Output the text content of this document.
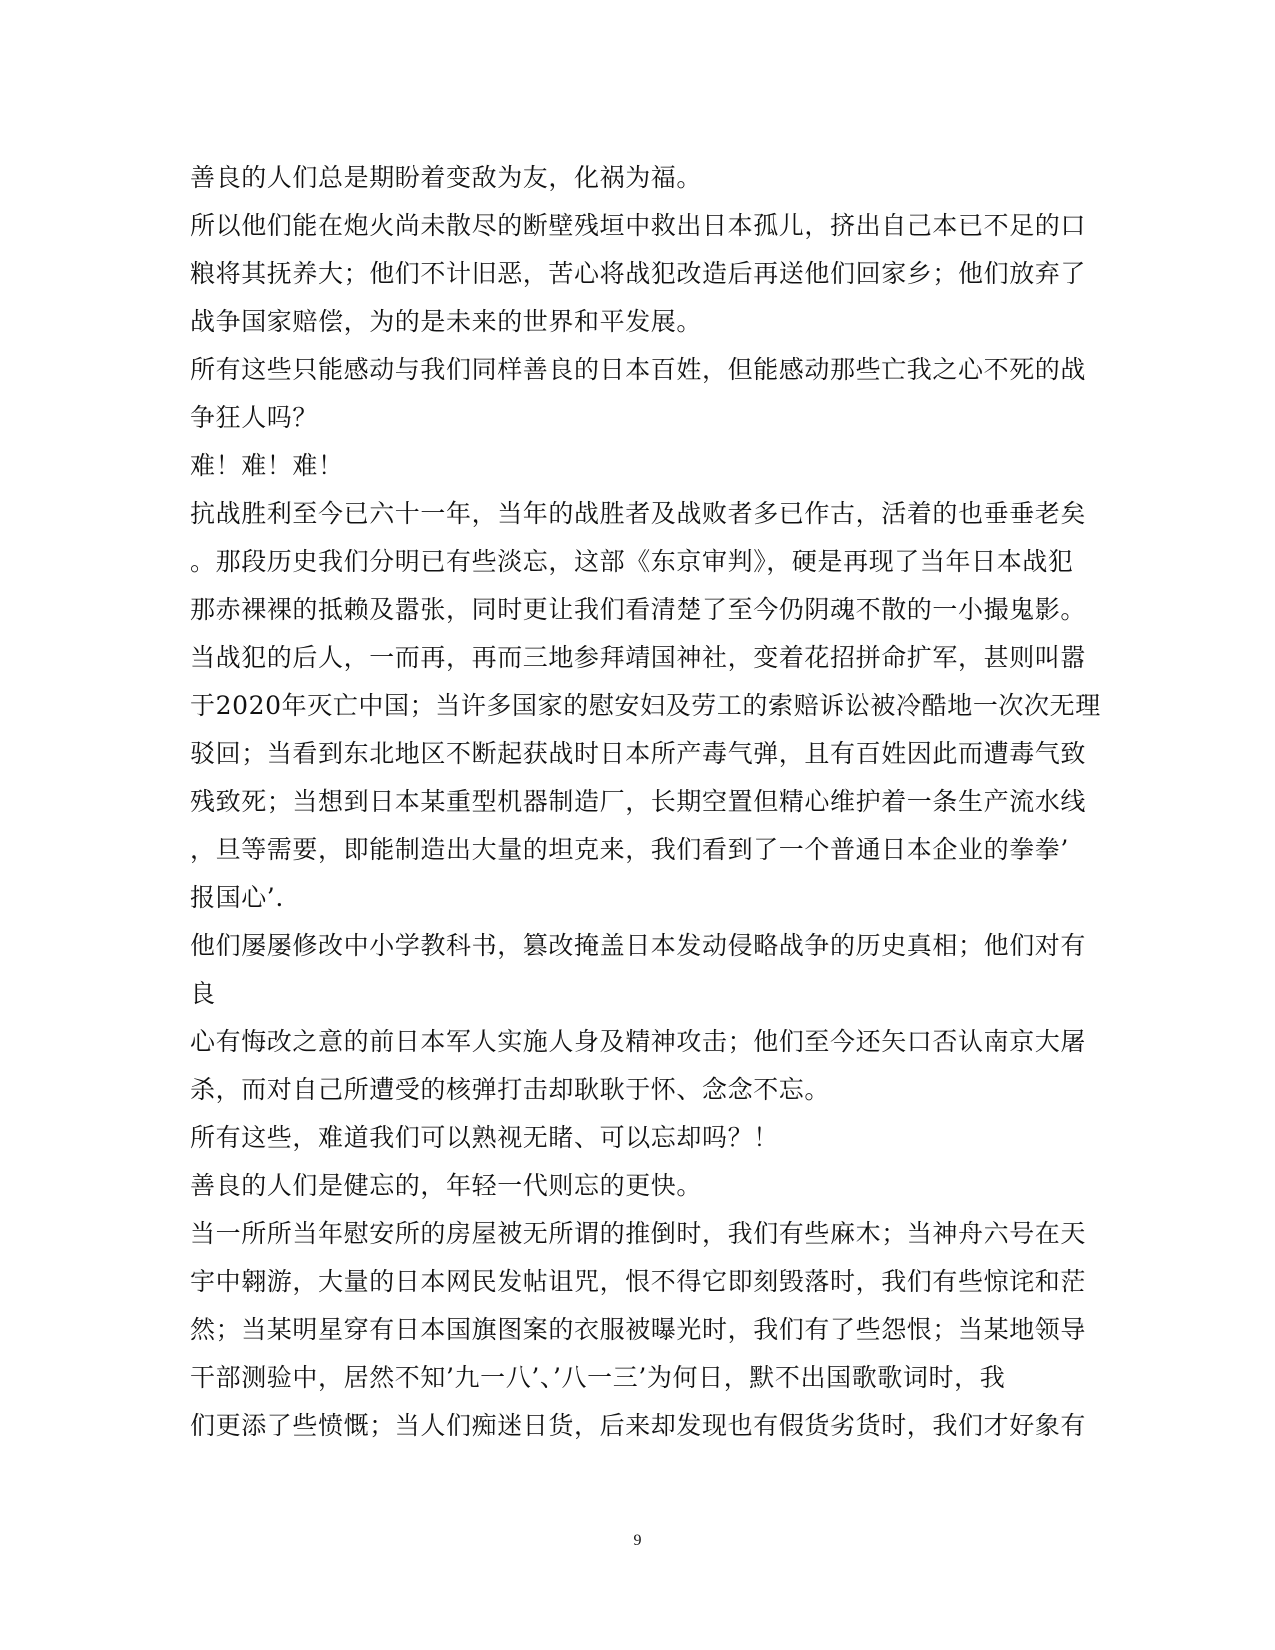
善良的人们总是期盼着变敌为友，化祸为福。
所以他们能在炮火尚未散尽的断壁残垣中救出日本孤儿，挤出自己本已不足的口
粮将其抚养大；他们不计旧恶，苦心将战犯改造后再送他们回家乡；他们放弃了
战争国家赔偿，为的是未来的世界和平发展。
所有这些只能感动与我们同样善良的日本百姓，但能感动那些亡我之心不死的战
争狂人吗？
难！难！难！
抗战胜利至今已六十一年，当年的战胜者及战败者多已作古，活着的也垂垂老矣
。那段历史我们分明已有些淡忘，这部《东京审判》，硬是再现了当年日本战犯
那赤裸裸的抵赖及嚣张，同时更让我们看清楚了至今仍阴魂不散的一小撮鬼影。
当战犯的后人，一而再，再而三地参拜靖国神社，变着花招拼命扩军，甚则叫嚣
于2020年灭亡中国；当许多国家的慰安妇及劳工的索赔诉讼被冷酷地一次次无理
驳回；当看到东北地区不断起获战时日本所产毒气弹，且有百姓因此而遭毒气致
残致死；当想到日本某重型机器制造厂，长期空置但精心维护着一条生产流水线
，旦等需要，即能制造出大量的坦克来，我们看到了一个普通日本企业的拳拳’
报国心’.
他们屡屡修改中小学教科书，篡改掩盖日本发动侵略战争的历史真相；他们对有
良
心有悔改之意的前日本军人实施人身及精神攻击；他们至今还矢口否认南京大屠
杀，而对自己所遭受的核弹打击却耿耿于怀、念念不忘。
所有这些，难道我们可以熟视无睹、可以忘却吗？！
善良的人们是健忘的，年轻一代则忘的更快。
当一所所当年慰安所的房屋被无所谓的推倒时，我们有些麻木；当神舟六号在天
宇中翱游，大量的日本网民发帖诅咒，恨不得它即刻毁落时，我们有些惊诧和茫
然；当某明星穿有日本国旗图案的衣服被曝光时，我们有了些怨恨；当某地领导
干部测验中，居然不知’九一八’、’八一三’为何日，默不出国歌歌词时，我
们更添了些愤慨；当人们痴迷日货，后来却发现也有假货劣货时，我们才好象有
9
